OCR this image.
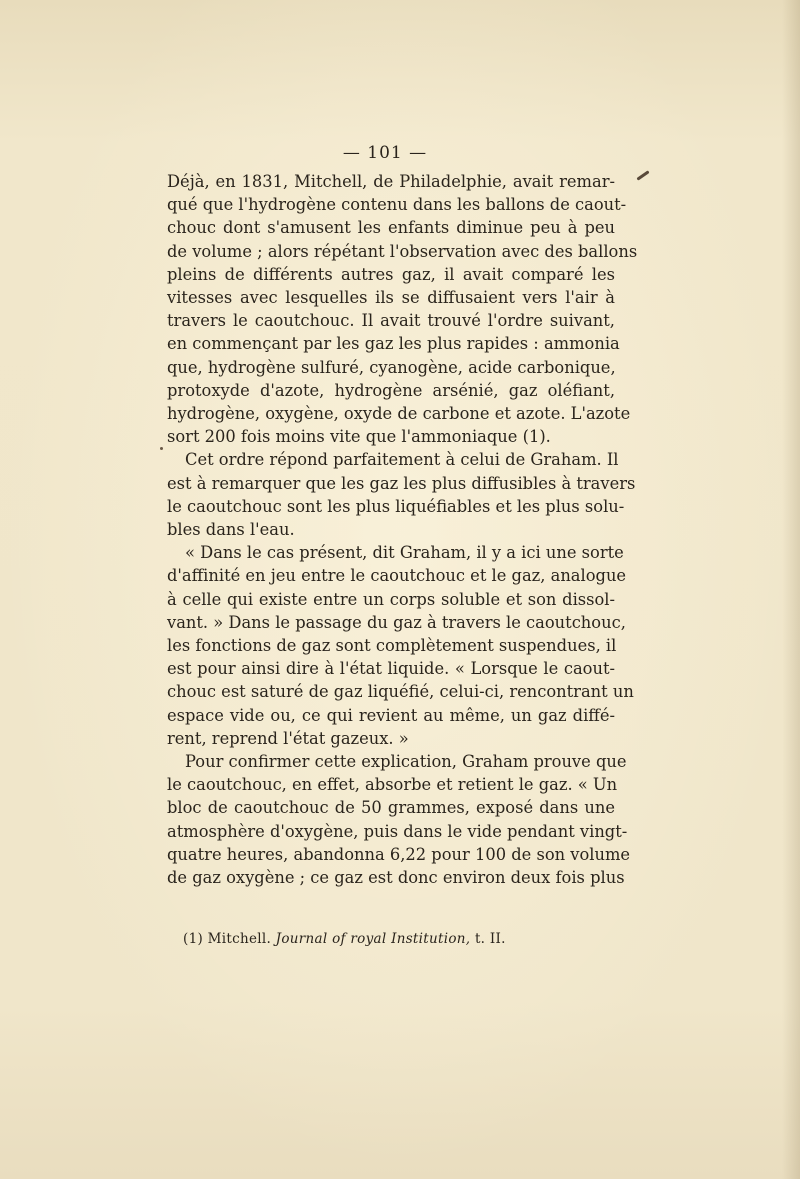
— 101 —
Déjà, en 1831, Mitchell, de Philadelphie, avait remar-
qué que l'hydrogène contenu dans les ballons de caout-
chouc dont s'amusent les enfants diminue peu à peu
de volume ; alors répétant l'observation avec des ballons
pleins de différents autres gaz, il avait comparé les
vitesses avec lesquelles ils se diffusaient vers l'air à
travers le caoutchouc. Il avait trouvé l'ordre suivant,
en commençant par les gaz les plus rapides : ammonia
que, hydrogène sulfuré, cyanogène, acide carbonique,
protoxyde d'azote, hydrogène arsénié, gaz oléfiant,
hydrogène, oxygène, oxyde de carbone et azote. L'azote
sort 200 fois moins vite que l'ammoniaque (1).
Cet ordre répond parfaitement à celui de Graham. Il
est à remarquer que les gaz les plus diffusibles à travers
le caoutchouc sont les plus liquéfiables et les plus solu-
bles dans l'eau.
« Dans le cas présent, dit Graham, il y a ici une sorte
d'affinité en jeu entre le caoutchouc et le gaz, analogue
à celle qui existe entre un corps soluble et son dissol-
vant. » Dans le passage du gaz à travers le caoutchouc,
les fonctions de gaz sont complètement suspendues, il
est pour ainsi dire à l'état liquide. « Lorsque le caout-
chouc est saturé de gaz liquéfié, celui-ci, rencontrant un
espace vide ou, ce qui revient au même, un gaz diffé-
rent, reprend l'état gazeux. »
Pour confirmer cette explication, Graham prouve que
le caoutchouc, en effet, absorbe et retient le gaz. « Un
bloc de caoutchouc de 50 grammes, exposé dans une
atmosphère d'oxygène, puis dans le vide pendant vingt-
quatre heures, abandonna 6,22 pour 100 de son volume
de gaz oxygène ; ce gaz est donc environ deux fois plus
(1) Mitchell. Journal of royal Institution, t. II.
